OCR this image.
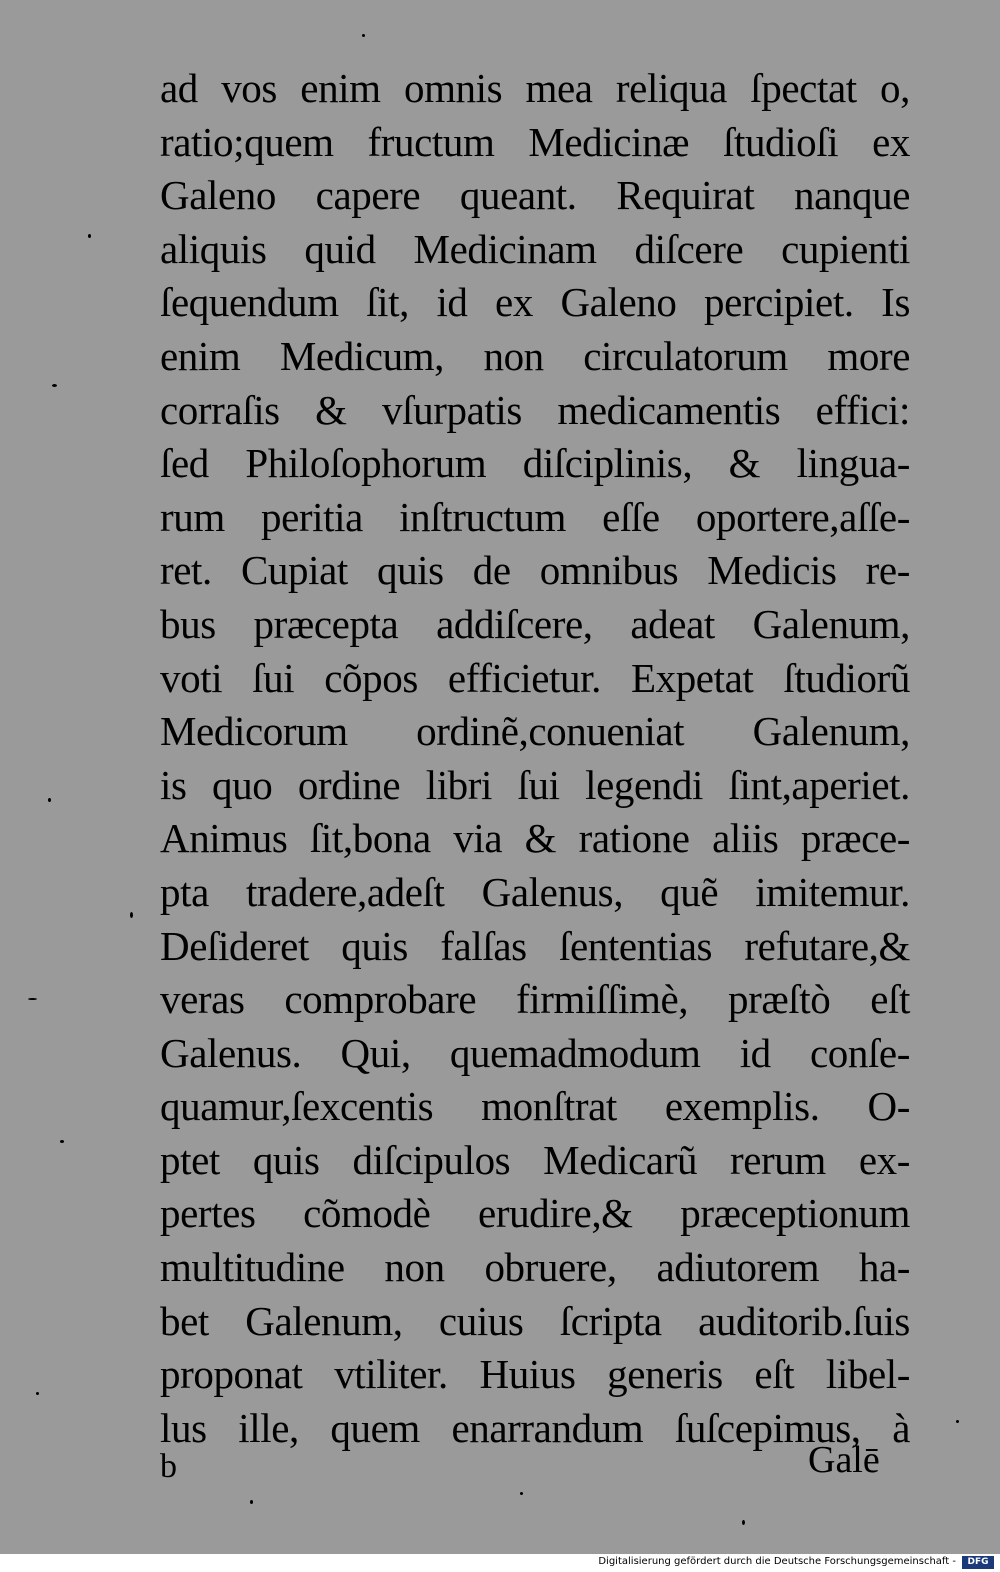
ad vos enim omnis mea reliqua ſpectat o,
ratio;quem fructum Medicinæ ſtudioſi ex
Galeno capere queant. Requirat nanque
aliquis quid Medicinam diſcere cupienti
ſequendum ſit, id ex Galeno percipiet. Is
enim Medicum, non circulatorum more
corraſis & vſurpatis medicamentis effici:
ſed Philoſophorum diſciplinis, & lingua-
rum peritia inſtructum eſſe oportere,aſſe-
ret. Cupiat quis de omnibus Medicis re-
bus præcepta addiſcere, adeat Galenum,
voti ſui cõpos efficietur. Expetat ſtudiorũ
Medicorum ordinẽ,conueniat Galenum,
is quo ordine libri ſui legendi ſint,aperiet.
Animus ſit,bona via & ratione aliis præce-
pta tradere,adeſt Galenus, quẽ imitemur.
Deſideret quis falſas ſententias refutare,&
veras comprobare firmiſſimè, præſtò eſt
Galenus. Qui, quemadmodum id conſe-
quamur,ſexcentis monſtrat exemplis. O-
ptet quis diſcipulos Medicarũ rerum ex-
pertes cõmodè erudire,& præceptionum
multitudine non obruere, adiutorem ha-
bet Galenum, cuius ſcripta auditorib.ſuis
proponat vtiliter. Huius generis eſt libel-
lus ille, quem enarrandum ſuſcepimus, à
b	Galē
Digitalisierung gefördert durch die Deutsche Forschungsgemeinschaft -	DFG
